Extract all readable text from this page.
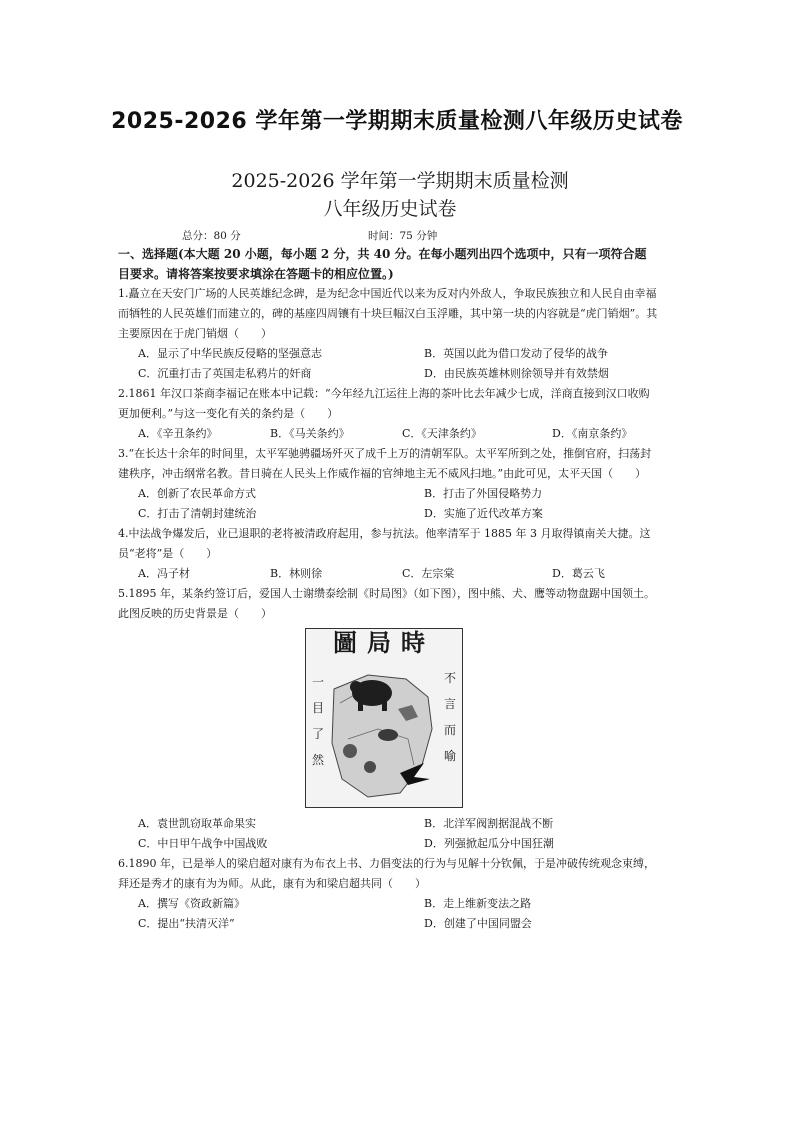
2025-2026 学年第一学期期末质量检测八年级历史试卷
2025-2026 学年第一学期期末质量检测
八年级历史试卷
总分：80 分	时间：75 分钟
一、选择题(本大题 20 小题，每小题 2 分，共 40 分。在每小题列出四个选项中，只有一项符合题目要求。请将答案按要求填涂在答题卡的相应位置。)
1.矗立在天安门广场的人民英雄纪念碑，是为纪念中国近代以来为反对内外敌人，争取民族独立和人民自由幸福而牺牲的人民英雄们而建立的，碑的基座四周镶有十块巨幅汉白玉浮雕，其中第一块的内容就是“虎门销烟”。其主要原因在于虎门销烟（　　）
A．显示了中华民族反侵略的坚强意志	B．英国以此为借口发动了侵华的战争
C．沉重打击了英国走私鸦片的奸商	D．由民族英雄林则徐领导并有效禁烟
2.1861 年汉口茶商李福记在账本中记载：“今年经九江运往上海的茶叶比去年减少七成，洋商直接到汉口收购更加便利。”与这一变化有关的条约是（　　）
A．《辛丑条约》	B．《马关条约》	C．《天津条约》	D．《南京条约》
3.“在长达十余年的时间里，太平军驰骋疆场歼灭了成千上万的清朝军队。太平军所到之处，推倒官府，扫荡封建秩序，冲击纲常名教。昔日骑在人民头上作威作福的官绅地主无不威风扫地。”由此可见，太平天国（　　）
A．创新了农民革命方式	B．打击了外国侵略势力
C．打击了清朝封建统治	D．实施了近代改革方案
4.中法战争爆发后，业已退职的老将被清政府起用，参与抗法。他率清军于 1885 年 3 月取得镇南关大捷。这员“老将”是（　　）
A．冯子材	B．林则徐	C．左宗棠	D．葛云飞
5.1895 年，某条约签订后，爱国人士谢缵泰绘制《时局图》（如下图），图中熊、犬、鹰等动物盘踞中国领土。此图反映的历史背景是（　　）
圖局時
一
目
了
然
不
言
而
喻
A．袁世凯窃取革命果实	B．北洋军阀割据混战不断
C．中日甲午战争中国战败	D．列强掀起瓜分中国狂潮
6.1890 年，已是举人的梁启超对康有为布衣上书、力倡变法的行为与见解十分钦佩，于是冲破传统观念束缚，拜还是秀才的康有为为师。从此，康有为和梁启超共同（　　）
A．撰写《资政新篇》	B．走上维新变法之路
C．提出“扶清灭洋”	D．创建了中国同盟会
